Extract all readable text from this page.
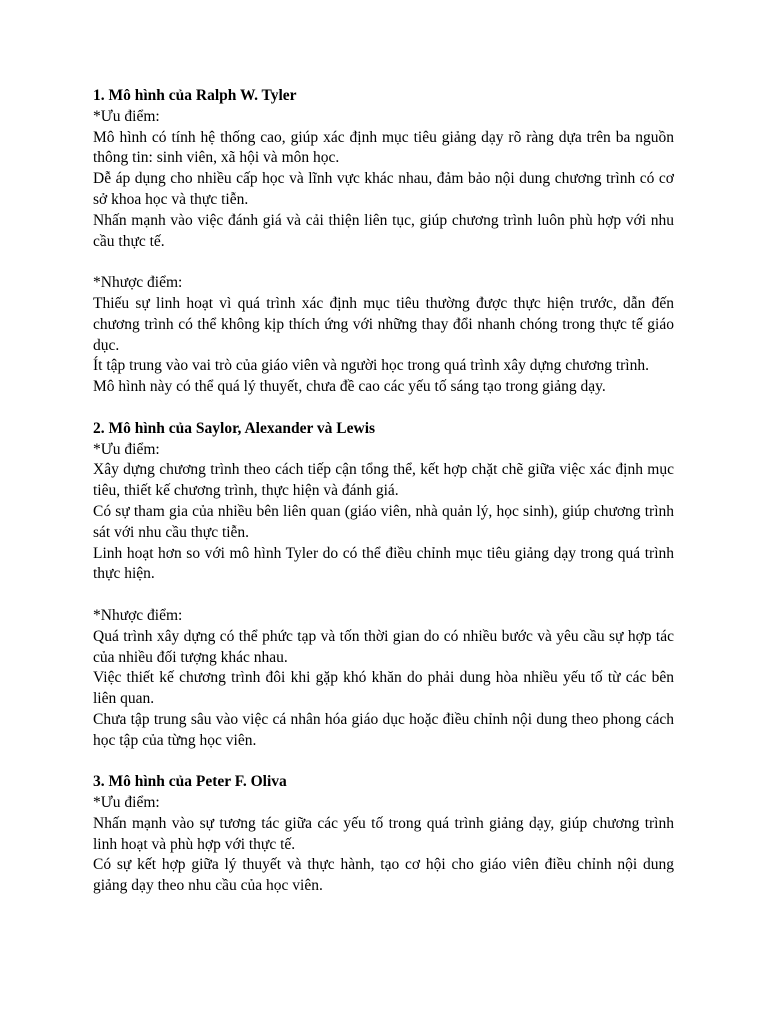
1. Mô hình của Ralph W. Tyler

*Ưu điểm:

Mô hình có tính hệ thống cao, giúp xác định mục tiêu giảng dạy rõ ràng dựa trên ba nguồn thông tin: sinh viên, xã hội và môn học.

Dễ áp dụng cho nhiều cấp học và lĩnh vực khác nhau, đảm bảo nội dung chương trình có cơ sở khoa học và thực tiễn.

Nhấn mạnh vào việc đánh giá và cải thiện liên tục, giúp chương trình luôn phù hợp với nhu cầu thực tế.

*Nhược điểm:

Thiếu sự linh hoạt vì quá trình xác định mục tiêu thường được thực hiện trước, dẫn đến chương trình có thể không kịp thích ứng với những thay đổi nhanh chóng trong thực tế giáo dục.

Ít tập trung vào vai trò của giáo viên và người học trong quá trình xây dựng chương trình.

Mô hình này có thể quá lý thuyết, chưa đề cao các yếu tố sáng tạo trong giảng dạy.

2. Mô hình của Saylor, Alexander và Lewis

*Ưu điểm:

Xây dựng chương trình theo cách tiếp cận tổng thể, kết hợp chặt chẽ giữa việc xác định mục tiêu, thiết kế chương trình, thực hiện và đánh giá.

Có sự tham gia của nhiều bên liên quan (giáo viên, nhà quản lý, học sinh), giúp chương trình sát với nhu cầu thực tiễn.

Linh hoạt hơn so với mô hình Tyler do có thể điều chỉnh mục tiêu giảng dạy trong quá trình thực hiện.

*Nhược điểm:

Quá trình xây dựng có thể phức tạp và tốn thời gian do có nhiều bước và yêu cầu sự hợp tác của nhiều đối tượng khác nhau.

Việc thiết kế chương trình đôi khi gặp khó khăn do phải dung hòa nhiều yếu tố từ các bên liên quan.

Chưa tập trung sâu vào việc cá nhân hóa giáo dục hoặc điều chỉnh nội dung theo phong cách học tập của từng học viên.

3. Mô hình của Peter F. Oliva

*Ưu điểm:

Nhấn mạnh vào sự tương tác giữa các yếu tố trong quá trình giảng dạy, giúp chương trình linh hoạt và phù hợp với thực tế.

Có sự kết hợp giữa lý thuyết và thực hành, tạo cơ hội cho giáo viên điều chỉnh nội dung giảng dạy theo nhu cầu của học viên.
